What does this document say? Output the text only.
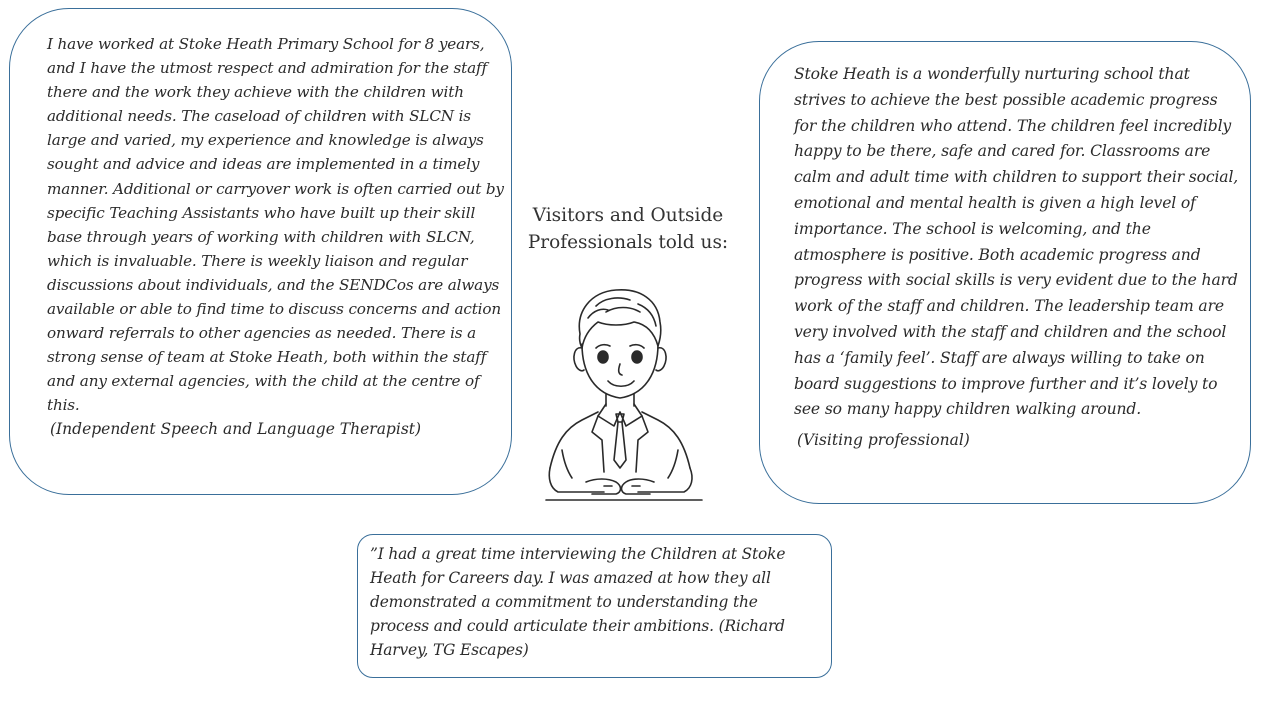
I have worked at Stoke Heath Primary School for 8 years, and I have the utmost respect and admiration for the staff there and the work they achieve with the children with additional needs. The caseload of children with SLCN is large and varied, my experience and knowledge is always sought and advice and ideas are implemented in a timely manner. Additional or carryover work is often carried out by specific Teaching Assistants who have built up their skill base through years of working with children with SLCN, which is invaluable. There is weekly liaison and regular discussions about individuals, and the SENDCos are always available or able to find time to discuss concerns and action onward referrals to other agencies as needed. There is a strong sense of team at Stoke Heath, both within the staff and any external agencies, with the child at the centre of this.

(Independent Speech and Language Therapist)
Visitors and Outside
Professionals told us:

Stoke Heath is a wonderfully nurturing school that strives to achieve the best possible academic progress for the children who attend. The children feel incredibly happy to be there, safe and cared for. Classrooms are calm and adult time with children to support their social, emotional and mental health is given a high level of importance. The school is welcoming, and the atmosphere is positive. Both academic progress and progress with social skills is very evident due to the hard work of the staff and children. The leadership team are very involved with the staff and children and the school has a ‘family feel’. Staff are always willing to take on board suggestions to improve further and it’s lovely to see so many happy children walking around.

(Visiting professional)

”I had a great time interviewing the Children at Stoke Heath for Careers day. I was amazed at how they all demonstrated a commitment to understanding the process and could articulate their ambitions. (Richard Harvey, TG Escapes)
